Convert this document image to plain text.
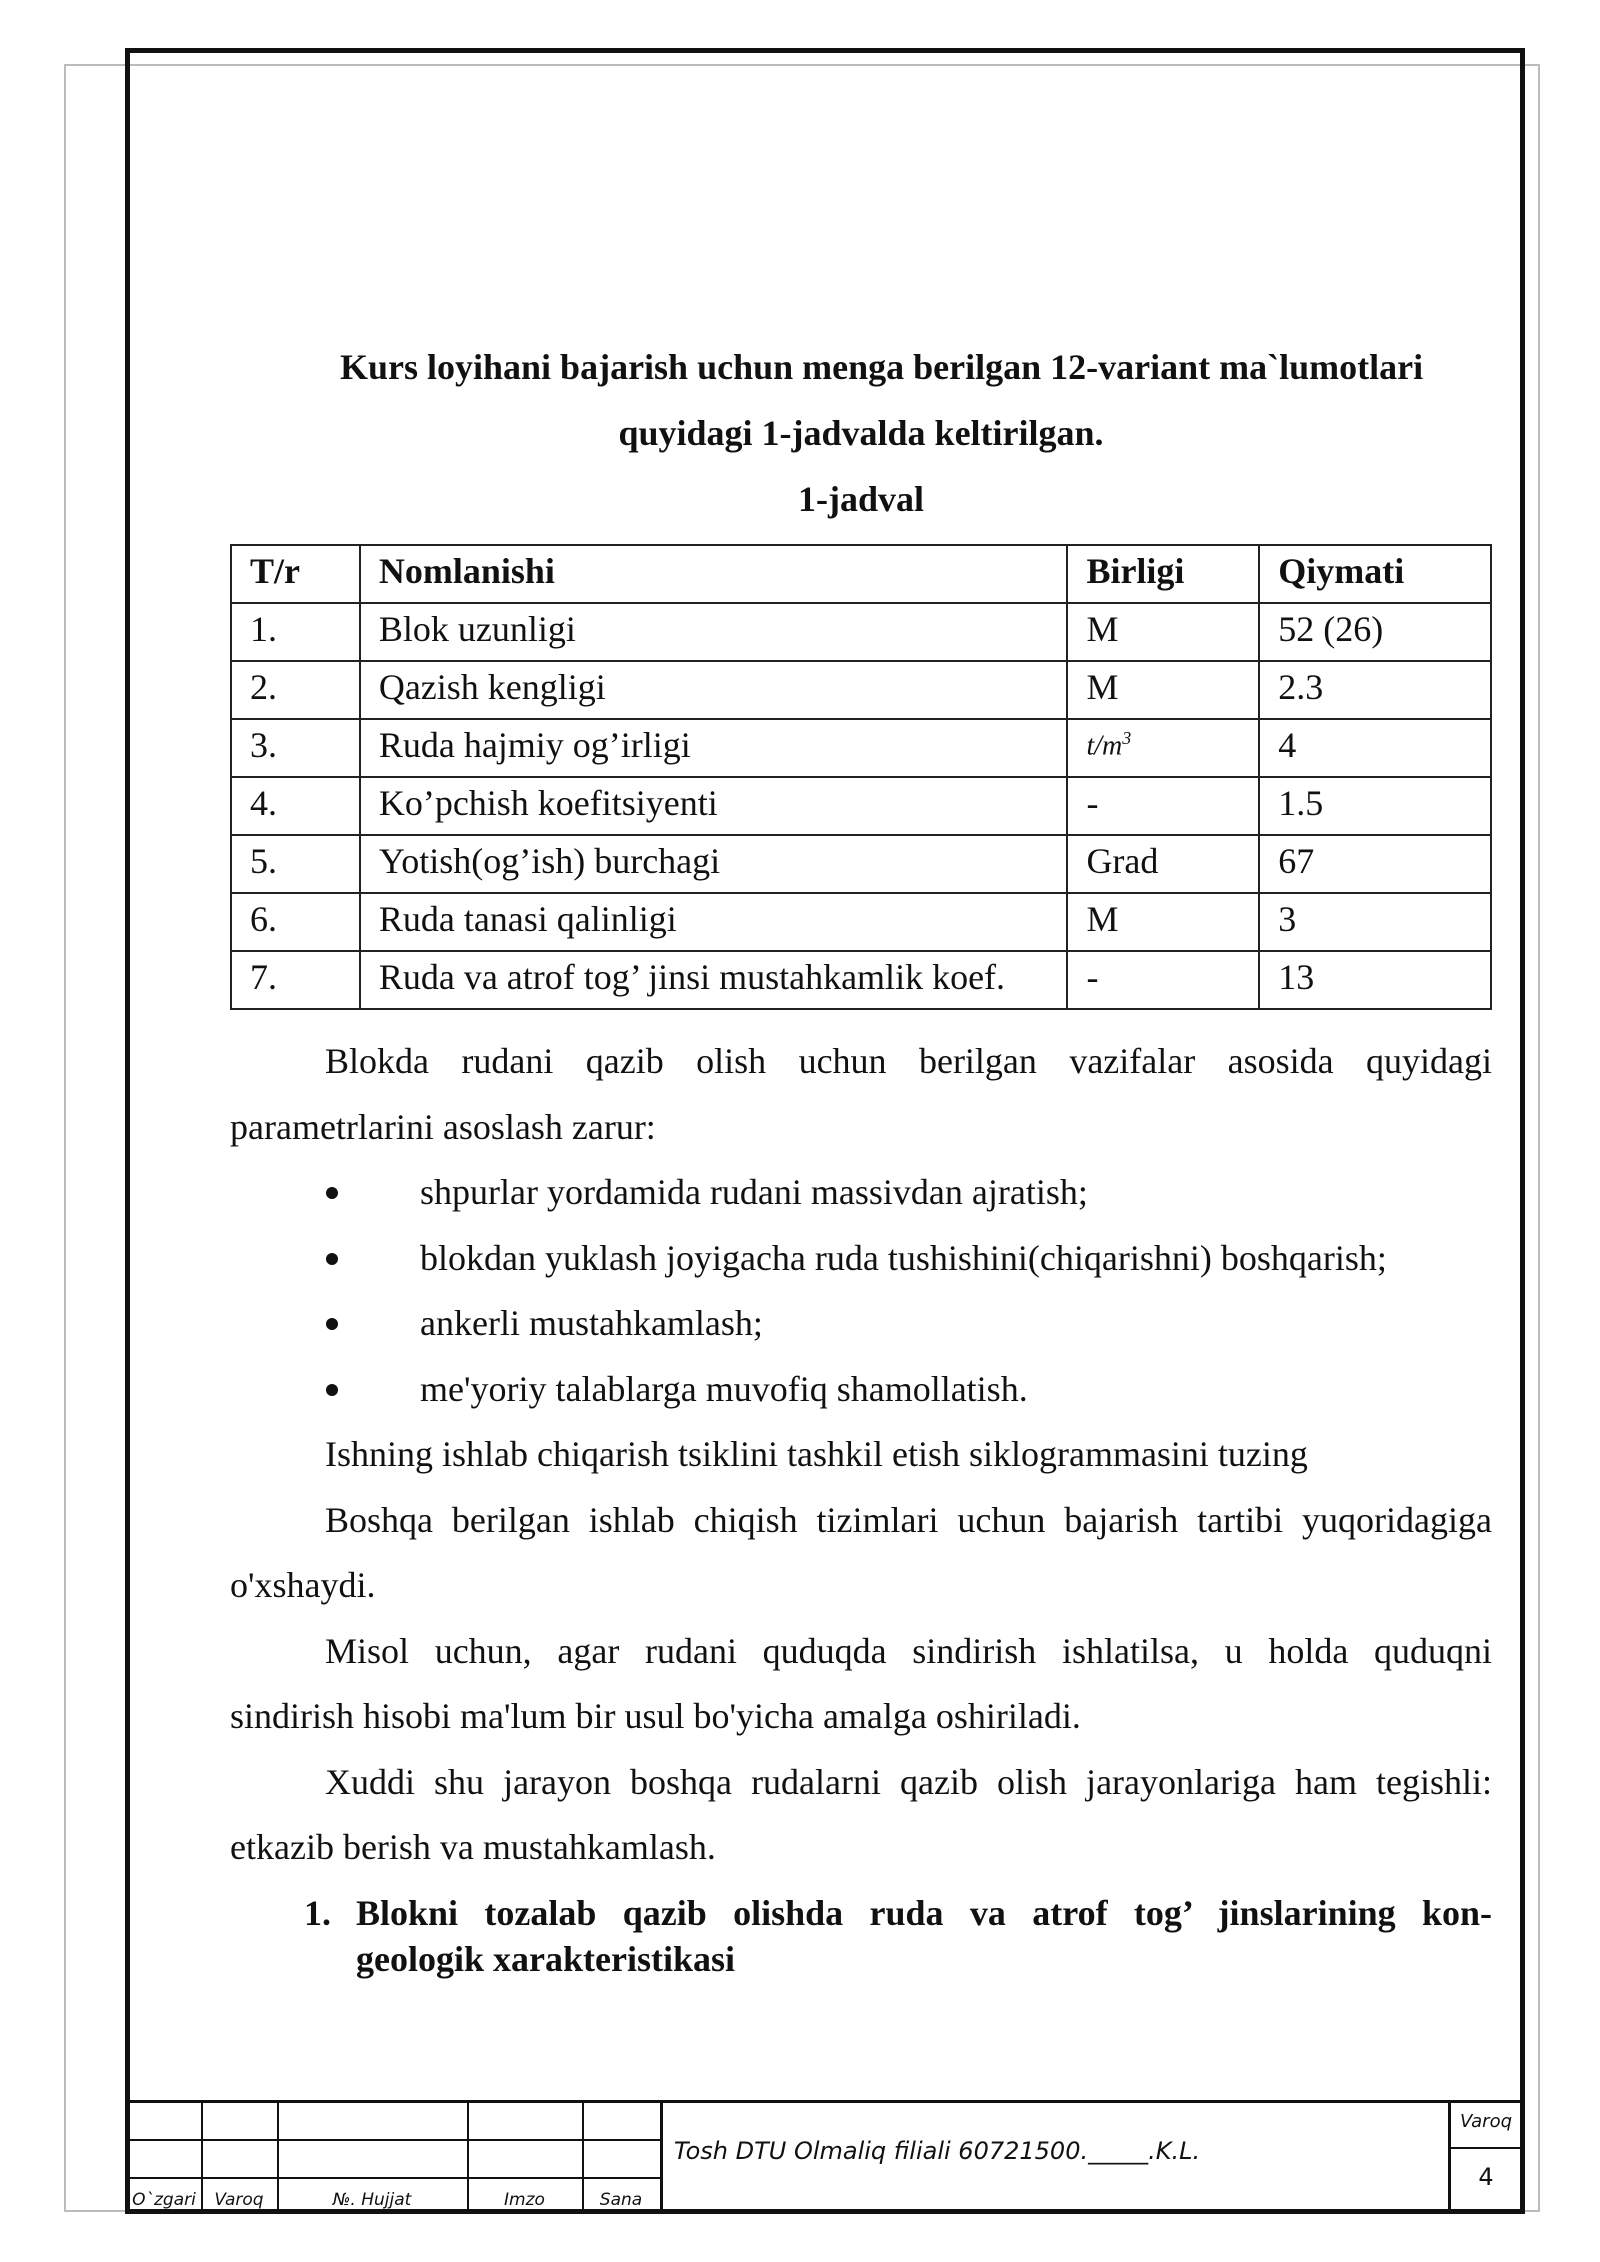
Kurs loyihani bajarish uchun menga berilgan 12-variant ma`lumotlari
quyidagi 1-jadvalda keltirilgan.
1-jadval
T/r	Nomlanishi	Birligi	Qiymati
1.	Blok uzunligi	M	52 (26)
2.	Qazish kengligi	M	2.3
3.	Ruda hajmiy og’irligi	$t/m^3$	4
4.	Ko’pchish koefitsiyenti	-	1.5
5.	Yotish(og’ish) burchagi	Grad	67
6.	Ruda tanasi qalinligi	M	3
7.	Ruda va atrof tog’ jinsi mustahkamlik koef.	-	13
Blokda rudani qazib olish uchun berilgan vazifalar asosida quyidagi
parametrlarini asoslash zarur:
shpurlar yordamida rudani massivdan ajratish;
blokdan yuklash joyigacha ruda tushishini(chiqarishni) boshqarish;
ankerli mustahkamlash;
me'yoriy talablarga muvofiq shamollatish.
Ishning ishlab chiqarish tsiklini tashkil etish siklogrammasini tuzing
Boshqa berilgan ishlab chiqish tizimlari uchun bajarish tartibi yuqoridagiga
o'xshaydi.
Misol uchun, agar rudani quduqda sindirish ishlatilsa, u holda quduqni
sindirish hisobi ma'lum bir usul bo'yicha amalga oshiriladi.
Xuddi shu jarayon boshqa rudalarni qazib olish jarayonlariga ham tegishli:
etkazib berish va mustahkamlash.
1. Blokni tozalab qazib olishda ruda va atrof tog’ jinslarining kon-
geologik xarakteristikasi
O`zgari	Varoq	№. Hujjat	Imzo	Sana
Tosh DTU Olmaliq filiali 60721500._____.K.L.
Varoq
4
